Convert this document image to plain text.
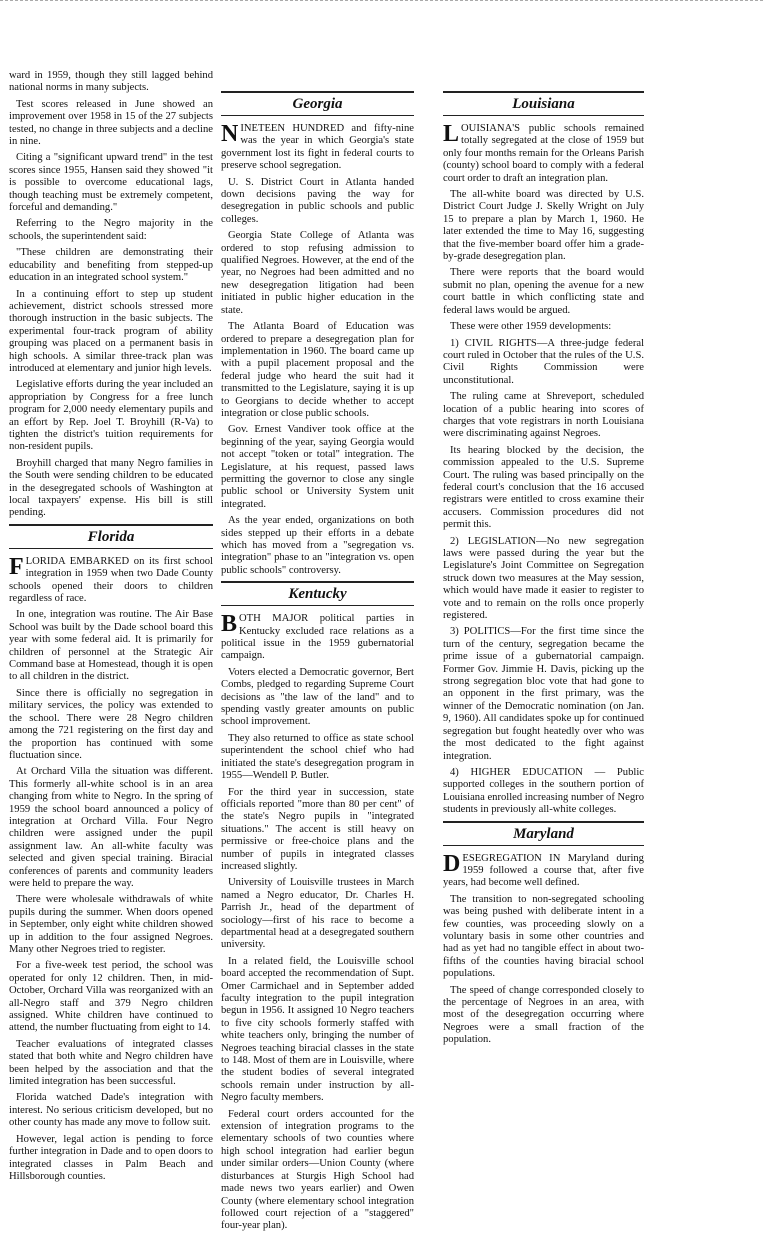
ward in 1959, though they still lagged behind national norms in many subjects.

Test scores released in June showed an improvement over 1958 in 15 of the 27 subjects tested, no change in three subjects and a decline in nine.

Citing a "significant upward trend" in the test scores since 1955, Hansen said they showed "it is possible to overcome educational lags, though teaching must be extremely competent, forceful and demanding."

Referring to the Negro majority in the schools, the superintendent said:

"These children are demonstrating their educability and benefiting from stepped-up education in an integrated school system."

In a continuing effort to step up student achievement, district schools stressed more thorough instruction in the basic subjects. The experimental four-track program of ability grouping was placed on a permanent basis in high schools. A similar three-track plan was introduced at elementary and junior high levels.

Legislative efforts during the year included an appropriation by Congress for a free lunch program for 2,000 needy elementary pupils and an effort by Rep. Joel T. Broyhill (R-Va) to tighten the district's tuition requirements for non-resident pupils.

Broyhill charged that many Negro families in the South were sending children to be educated in the desegregated schools of Washington at local taxpayers' expense. His bill is still pending.

Florida

FLORIDA EMBARKED on its first school integration in 1959 when two Dade County schools opened their doors to children regardless of race.

In one, integration was routine. The Air Base School was built by the Dade school board this year with some federal aid. It is primarily for children of personnel at the Strategic Air Command base at Homestead, though it is open to all children in the district.

Since there is officially no segregation in military services, the policy was extended to the school. There were 28 Negro children among the 721 registering on the first day and the proportion has continued with some fluctuation since.

At Orchard Villa the situation was different. This formerly all-white school is in an area changing from white to Negro. In the spring of 1959 the school board announced a policy of integration at Orchard Villa. Four Negro children were assigned under the pupil assignment law. An all-white faculty was selected and given special training. Biracial conferences of parents and community leaders were held to prepare the way.

There were wholesale withdrawals of white pupils during the summer. When doors opened in September, only eight white children showed up in addition to the four assigned Negroes. Many other Negroes tried to register.

For a five-week test period, the school was operated for only 12 children. Then, in mid-October, Orchard Villa was reorganized with an all-Negro staff and 379 Negro children assigned. White children have continued to attend, the number fluctuating from eight to 14.

Teacher evaluations of integrated classes stated that both white and Negro children have been helped by the association and that the limited integration has been successful.

Florida watched Dade's integration with interest. No serious criticism developed, but no other county has made any move to follow suit.

However, legal action is pending to force further integration in Dade and to open doors to integrated classes in Palm Beach and Hillsborough counties.

Georgia

NINETEEN HUNDRED and fifty-nine was the year in which Georgia's state government lost its fight in federal courts to preserve school segregation.

U. S. District Court in Atlanta handed down decisions paving the way for desegregation in public schools and public colleges.

Georgia State College of Atlanta was ordered to stop refusing admission to qualified Negroes. However, at the end of the year, no Negroes had been admitted and no new desegregation litigation had been initiated in public higher education in the state.

The Atlanta Board of Education was ordered to prepare a desegregation plan for implementation in 1960. The board came up with a pupil placement proposal and the federal judge who heard the suit had it transmitted to the Legislature, saying it is up to Georgians to decide whether to accept integration or close public schools.

Gov. Ernest Vandiver took office at the beginning of the year, saying Georgia would not accept "token or total" integration. The Legislature, at his request, passed laws permitting the governor to close any single public school or University System unit integrated.

As the year ended, organizations on both sides stepped up their efforts in a debate which has moved from a "segregation vs. integration" phase to an "integration vs. open public schools" controversy.

Kentucky

BOTH MAJOR political parties in Kentucky excluded race relations as a political issue in the 1959 gubernatorial campaign.

Voters elected a Democratic governor, Bert Combs, pledged to regarding Supreme Court decisions as "the law of the land" and to spending vastly greater amounts on public school improvement.

They also returned to office as state school superintendent the school chief who had initiated the state's desegregation program in 1955—Wendell P. Butler.

For the third year in succession, state officials reported "more than 80 per cent" of the state's Negro pupils in "integrated situations." The accent is still heavy on permissive or free-choice plans and the number of pupils in integrated classes increased slightly.

University of Louisville trustees in March named a Negro educator, Dr. Charles H. Parrish Jr., head of the department of sociology—first of his race to become a departmental head at a desegregated southern university.

In a related field, the Louisville school board accepted the recommendation of Supt. Omer Carmichael and in September added faculty integration to the pupil integration begun in 1956. It assigned 10 Negro teachers to five city schools formerly staffed with white teachers only, bringing the number of Negroes teaching biracial classes in the state to 148. Most of them are in Louisville, where the student bodies of several integrated schools remain under instruction by all-Negro faculty members.

Federal court orders accounted for the extension of integration programs to the elementary schools of two counties where high school integration had earlier begun under similar orders—Union County (where disturbances at Sturgis High School had made news two years earlier) and Owen County (where elementary school integration followed court rejection of a "staggered" four-year plan).

Louisiana

LOUISIANA'S public schools remained totally segregated at the close of 1959 but only four months remain for the Orleans Parish (county) school board to comply with a federal court order to draft an integration plan.

The all-white board was directed by U.S. District Court Judge J. Skelly Wright on July 15 to prepare a plan by March 1, 1960. He later extended the time to May 16, suggesting that the five-member board offer him a grade-by-grade desegregation plan.

There were reports that the board would submit no plan, opening the avenue for a new court battle in which conflicting state and federal laws would be argued.

These were other 1959 developments:

1) CIVIL RIGHTS—A three-judge federal court ruled in October that the rules of the U.S. Civil Rights Commission were unconstitutional.

The ruling came at Shreveport, scheduled location of a public hearing into scores of charges that vote registrars in north Louisiana were discriminating against Negroes.

Its hearing blocked by the decision, the commission appealed to the U.S. Supreme Court. The ruling was based principally on the federal court's conclusion that the 16 accused registrars were entitled to cross examine their accusers. Commission procedures did not permit this.

2) LEGISLATION—No new segregation laws were passed during the year but the Legislature's Joint Committee on Segregation struck down two measures at the May session, which would have made it easier to register to vote and to remain on the rolls once properly registered.

3) POLITICS—For the first time since the turn of the century, segregation became the prime issue of a gubernatorial campaign. Former Gov. Jimmie H. Davis, picking up the strong segregation bloc vote that had gone to an opponent in the first primary, was the winner of the Democratic nomination (on Jan. 9, 1960). All candidates spoke up for continued segregation but fought heatedly over who was the most dedicated to the fight against integration.

4) HIGHER EDUCATION — Public supported colleges in the southern portion of Louisiana enrolled increasing number of Negro students in previously all-white colleges.

Maryland

DESEGREGATION IN Maryland during 1959 followed a course that, after five years, had become well defined.

The transition to non-segregated schooling was being pushed with deliberate intent in a few counties, was proceeding slowly on a voluntary basis in some other countries and had as yet had no tangible effect in about two-fifths of the counties having biracial school populations.

The speed of change corresponded closely to the percentage of Negroes in an area, with most of the desegregation occurring where Negroes were a small fraction of the population.
